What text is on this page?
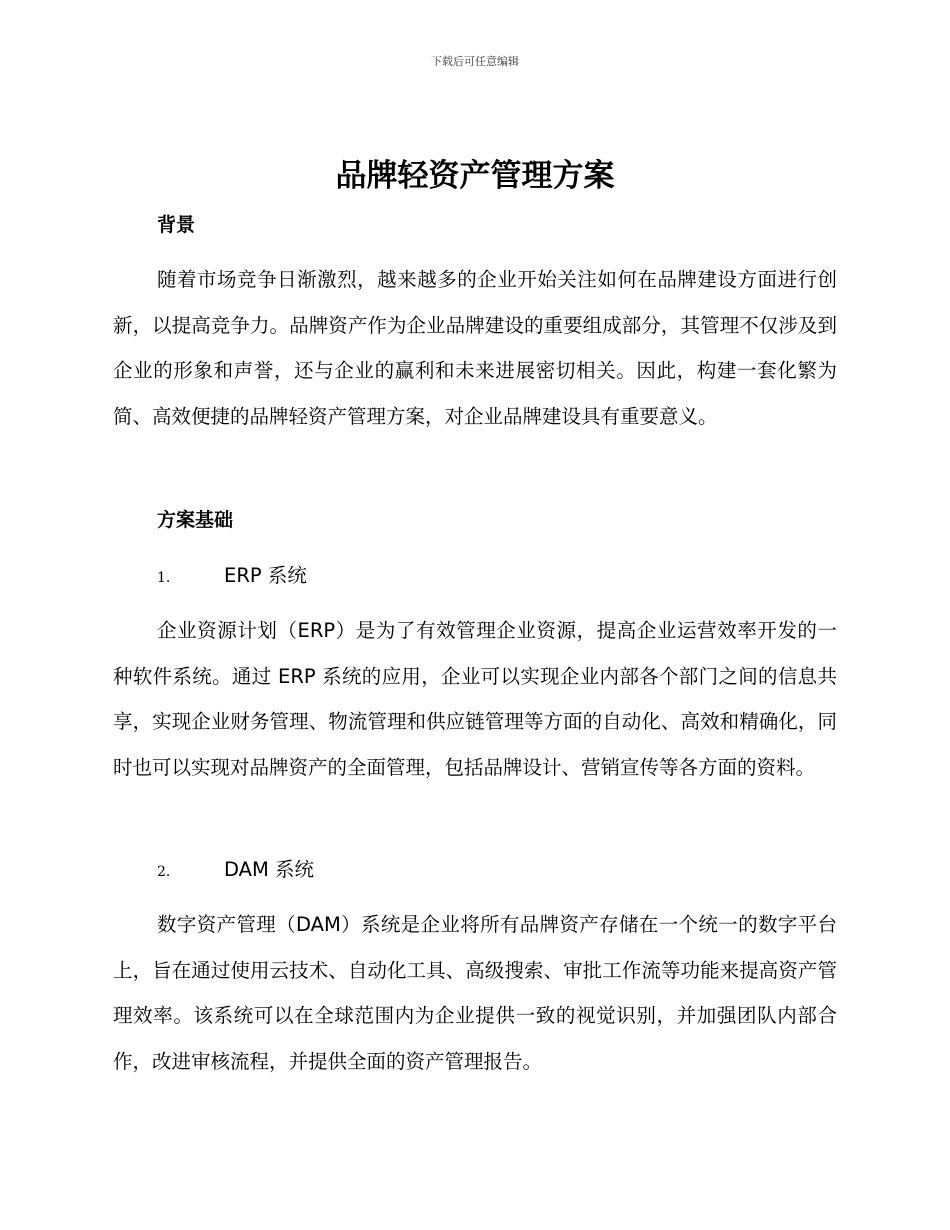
下载后可任意编辑
品牌轻资产管理方案
背景
随着市场竞争日渐激烈，越来越多的企业开始关注如何在品牌建设方面进行创新，以提高竞争力。品牌资产作为企业品牌建设的重要组成部分，其管理不仅涉及到企业的形象和声誉，还与企业的赢利和未来进展密切相关。因此，构建一套化繁为简、高效便捷的品牌轻资产管理方案，对企业品牌建设具有重要意义。
方案基础
1.	ERP 系统
企业资源计划（ERP）是为了有效管理企业资源，提高企业运营效率开发的一种软件系统。通过 ERP 系统的应用，企业可以实现企业内部各个部门之间的信息共享，实现企业财务管理、物流管理和供应链管理等方面的自动化、高效和精确化，同时也可以实现对品牌资产的全面管理，包括品牌设计、营销宣传等各方面的资料。
2.	DAM 系统
数字资产管理（DAM）系统是企业将所有品牌资产存储在一个统一的数字平台上，旨在通过使用云技术、自动化工具、高级搜索、审批工作流等功能来提高资产管理效率。该系统可以在全球范围内为企业提供一致的视觉识别，并加强团队内部合作，改进审核流程，并提供全面的资产管理报告。
